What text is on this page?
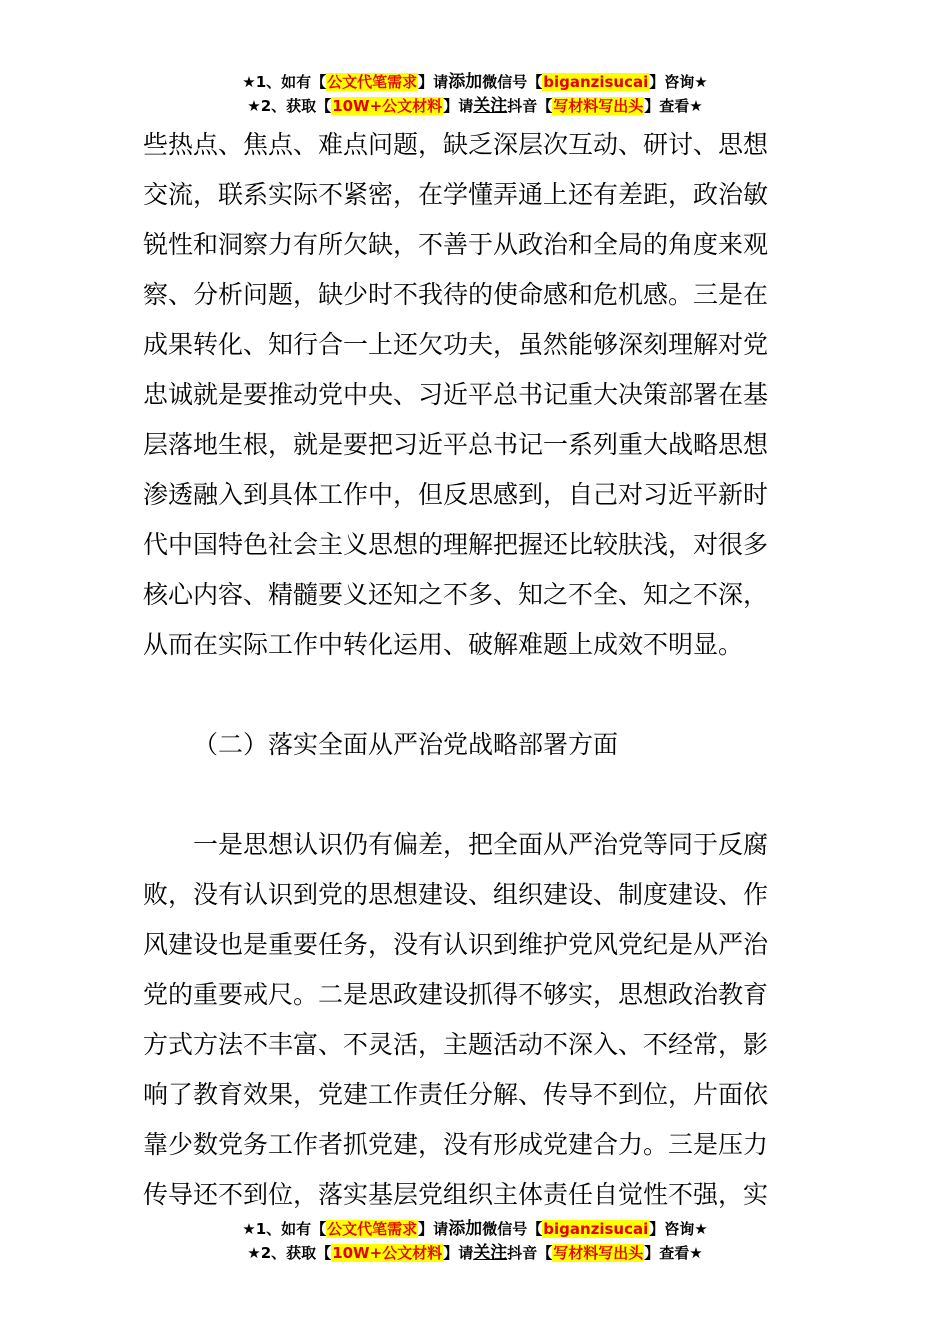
★1、如有【公文代笔需求】请添加微信号【biganzisucai】咨询★
★2、获取【10W+公文材料】请关注抖音【写材料写出头】查看★
些热点、焦点、难点问题，缺乏深层次互动、研讨、思想
交流，联系实际不紧密，在学懂弄通上还有差距，政治敏
锐性和洞察力有所欠缺，不善于从政治和全局的角度来观
察、分析问题，缺少时不我待的使命感和危机感。三是在
成果转化、知行合一上还欠功夫，虽然能够深刻理解对党
忠诚就是要推动党中央、习近平总书记重大决策部署在基
层落地生根，就是要把习近平总书记一系列重大战略思想
渗透融入到具体工作中，但反思感到，自己对习近平新时
代中国特色社会主义思想的理解把握还比较肤浅，对很多
核心内容、精髓要义还知之不多、知之不全、知之不深，
从而在实际工作中转化运用、破解难题上成效不明显。
（二）落实全面从严治党战略部署方面
一是思想认识仍有偏差，把全面从严治党等同于反腐
败，没有认识到党的思想建设、组织建设、制度建设、作
风建设也是重要任务，没有认识到维护党风党纪是从严治
党的重要戒尺。二是思政建设抓得不够实，思想政治教育
方式方法不丰富、不灵活，主题活动不深入、不经常，影
响了教育效果，党建工作责任分解、传导不到位，片面依
靠少数党务工作者抓党建，没有形成党建合力。三是压力
传导还不到位，落实基层党组织主体责任自觉性不强，实
★1、如有【公文代笔需求】请添加微信号【biganzisucai】咨询★
★2、获取【10W+公文材料】请关注抖音【写材料写出头】查看★
